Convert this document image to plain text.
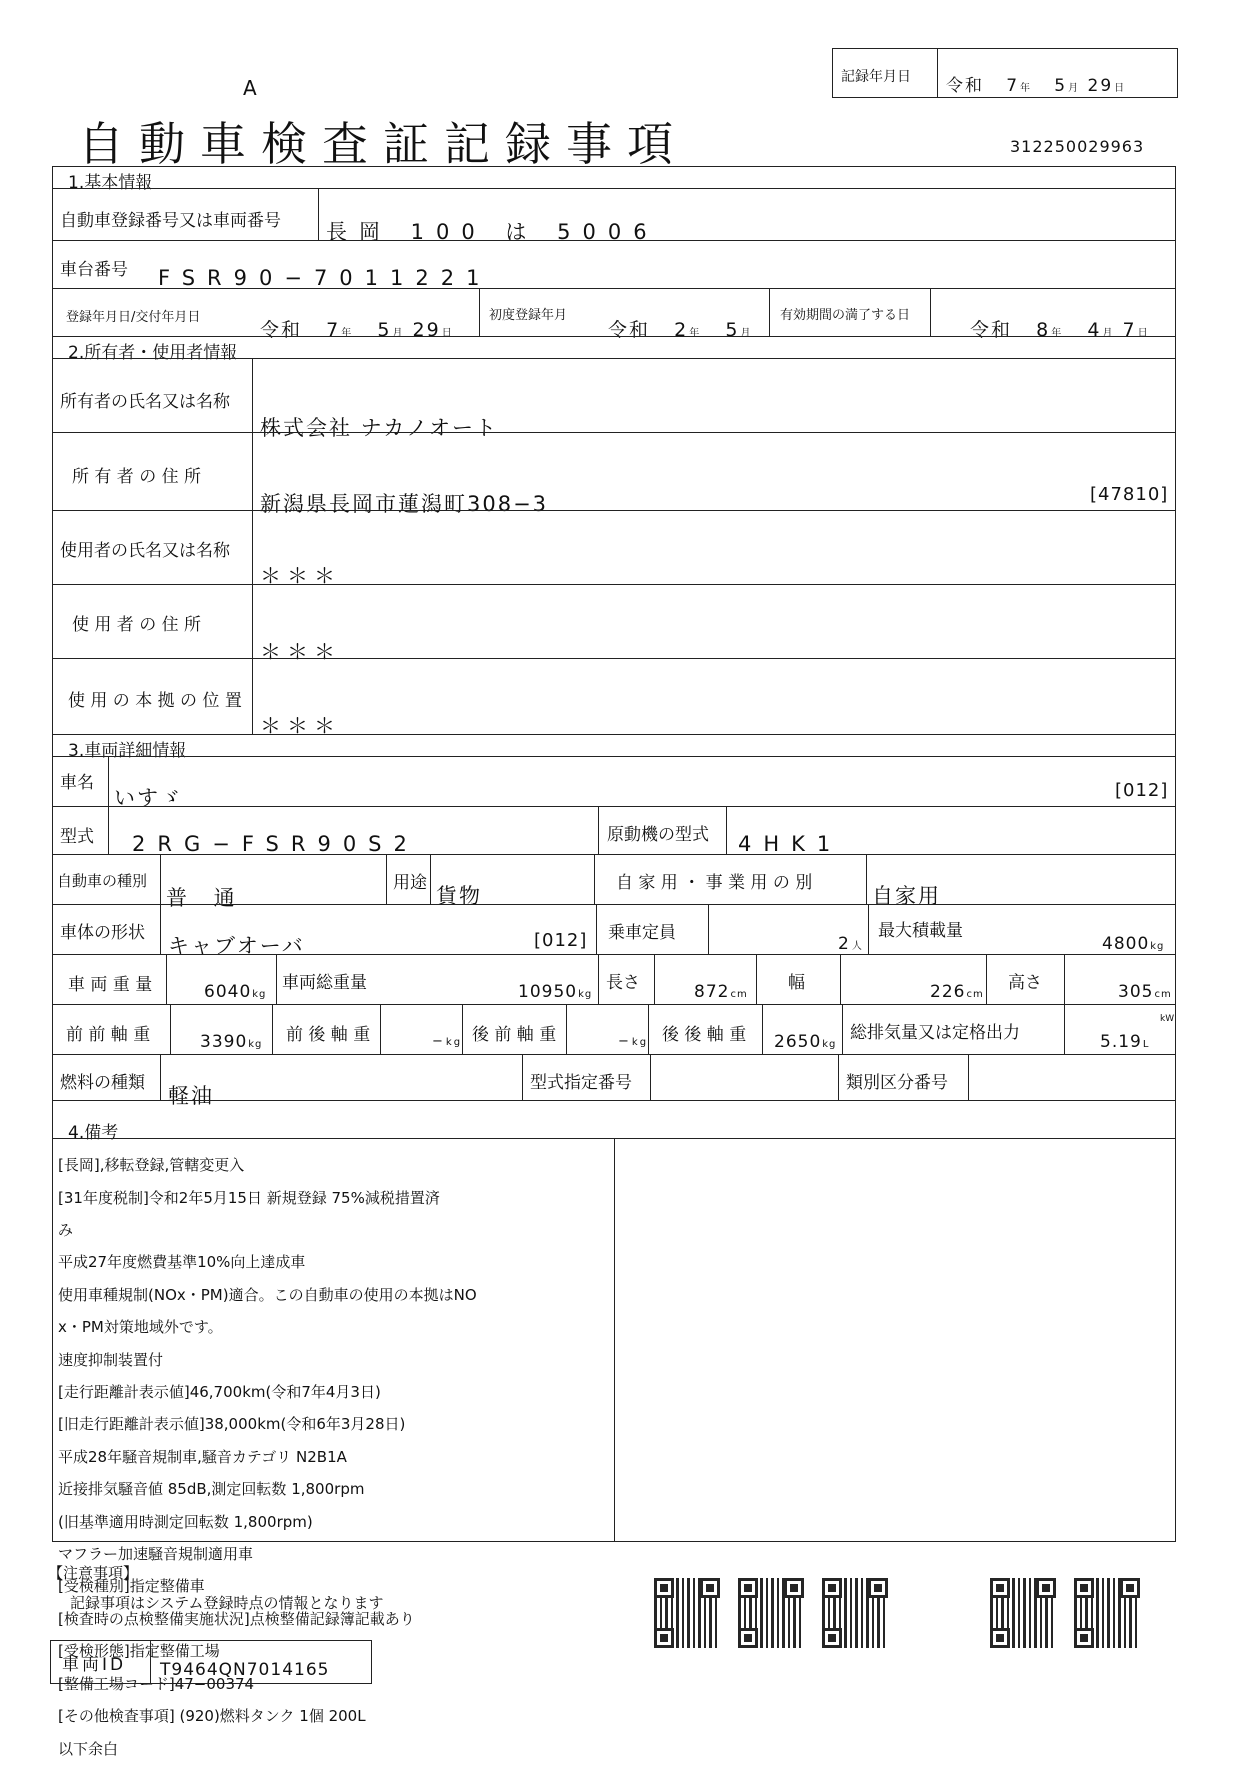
A
自動車検査証記録事項
記録年月日 令和 7年 5月 29日
312250029963
1.基本情報
自動車登録番号又は車両番号 長岡 100 は 5006
車台番号 FSR90−7011221
登録年月日/交付年月日
令和 7年 5月 29日
初度登録年月
令和 2年 5月
有効期間の満了する日
令和 8年 4月 7日
2.所有者・使用者情報
所有者の氏名又は名称
株式会社 ナカノオート
所 有 者 の 住 所
新潟県長岡市蓮潟町308−3	[47810]
使用者の氏名又は名称
＊＊＊
使 用 者 の 住 所
＊＊＊
使 用 の 本 拠 の 位 置
＊＊＊
3.車両詳細情報
車名
いすゞ	[012]
型式 2RG−FSR90S2	原動機の型式 4HK1
自動車の種別
普 通
用途
貨物
自 家 用 ・ 事 業 用 の 別
自家用
車体の形状
キャブオーバ	[012] 乗車定員
2人
最大積載量
4800kg
車 両 重 量	6040kg
車両総重量	10950kg
長さ	872cm
幅	226cm
高さ	305cm
前 前 軸 重	3390kg 前 後 軸 重	−kg 後 前 軸 重	−kg 後 後 軸 重 2650kg
総排気量又は定格出力	5.19L
kW
燃料の種類
軽油
型式指定番号	類別区分番号
4.備考

[長岡],移転登録,管轄変更入

[31年度税制]令和2年5月15日 新規登録 75%減税措置済

み

平成27年度燃費基準10%向上達成車

使用車種規制(NOx・PM)適合。この自動車の使用の本拠はNO

x・PM対策地域外です。

速度抑制装置付

[走行距離計表示値]46,700km(令和7年4月3日)

[旧走行距離計表示値]38,000km(令和6年3月28日)

平成28年騒音規制車,騒音カテゴリ N2B1A

近接排気騒音値 85dB,測定回転数 1,800rpm

(旧基準適用時測定回転数 1,800rpm)

マフラー加速騒音規制適用車

[受検種別]指定整備車

[検査時の点検整備実施状況]点検整備記録簿記載あり

[受検形態]指定整備工場

[整備工場コード]47−00374

[その他検査事項] (920)燃料タンク 1個 200L

以下余白

【注意事項】
記録事項はシステム登録時点の情報となります
車両ID T9464QN7014165
